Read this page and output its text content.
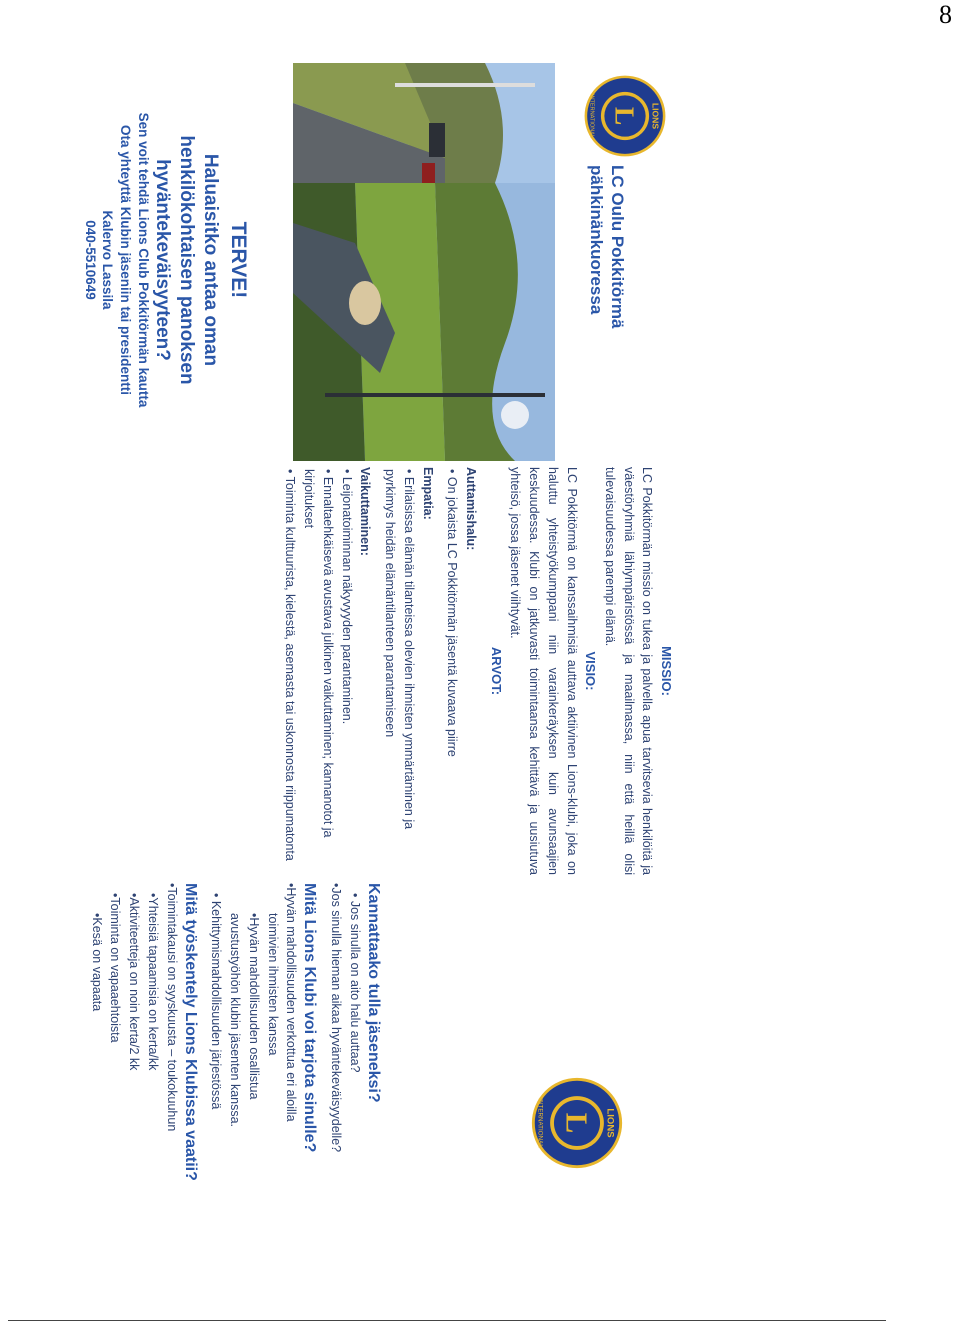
8
L LIONS
INTERNATIONAL
LC Oulu Pokkitörmä
pähkinänkuoressa
TERVE!
Haluaisitko antaa oman
henkilökohtaisen panoksen
hyväntekeväisyyteen?
Sen voit tehdä Lions Club Pokkitörmän kautta
Ota yhteyttä Klubin jäseniin tai presidentti
Kalervo Lassila
040-5510649
MISSIO:
LC Pokkitörmän missio on tukea ja palvella apua tarvitsevia henkilöitä ja väestöryhmiä lähiympäristössä ja maailmassa, niin että heillä olisi tulevaisuudessa parempi elämä.
VISIO:
LC Pokkitörmä on kanssaihmisiä auttava aktiivinen Lions-klubi, joka on haluttu yhteistyökumppani niin varainkeräyksen kuin avunsaajien keskuudessa. Klubi on jatkuvasti toimintaansa kehittävä ja uusiutuva yhteisö, jossa jäsenet viihtyvät.
ARVOT:
Auttamishalu:
• On jokaista LC Pokkitörmän jäsentä kuvaava piirre
Empatia:
• Erilaisissa elämän tilanteissa olevien ihmisten ymmärtäminen ja pyrkimys heidän elämäntilanteen parantamiseen
Vaikuttaminen:
• Leijonatoiminnan näkyvyyden parantaminen.
• Ennaltaehkäisevä avustava julkinen vaikuttaminen; kannanotot ja kirjoitukset
• Toiminta kulttuurista, kielestä, asemasta tai uskonnosta riippumatonta
L LIONS
INTERNATIONAL
Kannattaako tulla jäseneksi?
• Jos sinulla on aito halu auttaa?
•Jos sinulla hieman aikaa hyväntekeväisyydelle?
Mitä Lions Klubi voi tarjota sinulle?
•Hyvän mahdollisuuden verkottua eri aloilla
toimivien ihmisten kanssa
•Hyvän mahdollisuuden osallistua
avustustyöhön klubin jäsenten kanssa.
• Kehittymismahdollisuuden järjestössä
Mitä työskentely Lions Klubissa vaatii?
•Toimintakausi on syyskuusta – toukokuuhun
•Yhteisiä tapaamisia on kerta/kk
•Aktiviteetteja on noin kerta/2 kk
•Toiminta on vapaaehtoista
•Kesä on vapaata
